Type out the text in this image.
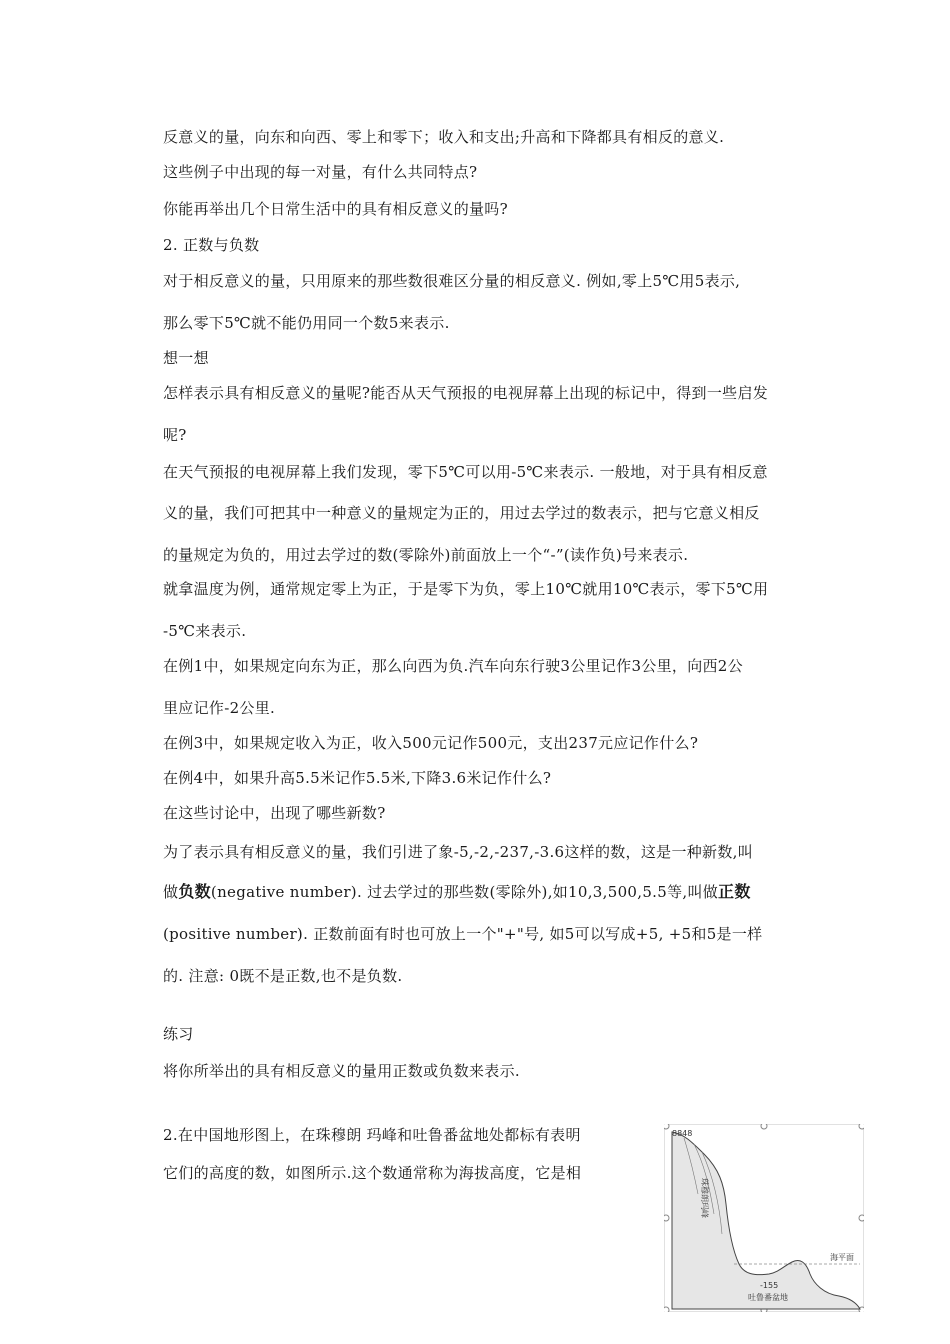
反意义的量，向东和向西、零上和零下；收入和支出;升高和下降都具有相反的意义.
这些例子中出现的每一对量，有什么共同特点?
你能再举出几个日常生活中的具有相反意义的量吗?
2. 正数与负数
对于相反意义的量，只用原来的那些数很难区分量的相反意义. 例如,零上5℃用5表示,
那么零下5℃就不能仍用同一个数5来表示.
想一想
怎样表示具有相反意义的量呢?能否从天气预报的电视屏幕上出现的标记中，得到一些启发
呢?
在天气预报的电视屏幕上我们发现，零下5℃可以用-5℃来表示. 一般地，对于具有相反意
义的量，我们可把其中一种意义的量规定为正的，用过去学过的数表示，把与它意义相反
的量规定为负的，用过去学过的数(零除外)前面放上一个“-”(读作负)号来表示.
就拿温度为例，通常规定零上为正，于是零下为负，零上10℃就用10℃表示，零下5℃用
-5℃来表示.
在例1中，如果规定向东为正，那么向西为负.汽车向东行驶3公里记作3公里，向西2公
里应记作-2公里.
在例3中，如果规定收入为正，收入500元记作500元，支出237元应记作什么?
在例4中，如果升高5.5米记作5.5米,下降3.6米记作什么?
在这些讨论中，出现了哪些新数?
为了表示具有相反意义的量，我们引进了象-5,-2,-237,-3.6这样的数，这是一种新数,叫
做负数(negative number). 过去学过的那些数(零除外),如10,3,500,5.5等,叫做正数
(positive number). 正数前面有时也可放上一个"+"号, 如5可以写成+5, +5和5是一样
的. 注意: 0既不是正数,也不是负数.
练习
将你所举出的具有相反意义的量用正数或负数来表示.
2.在中国地形图上，在珠穆朗 玛峰和吐鲁番盆地处都标有表明
它们的高度的数，如图所示.这个数通常称为海拔高度，它是相
8848
珠穆朗玛峰
海平面
-155
吐鲁番盆地
